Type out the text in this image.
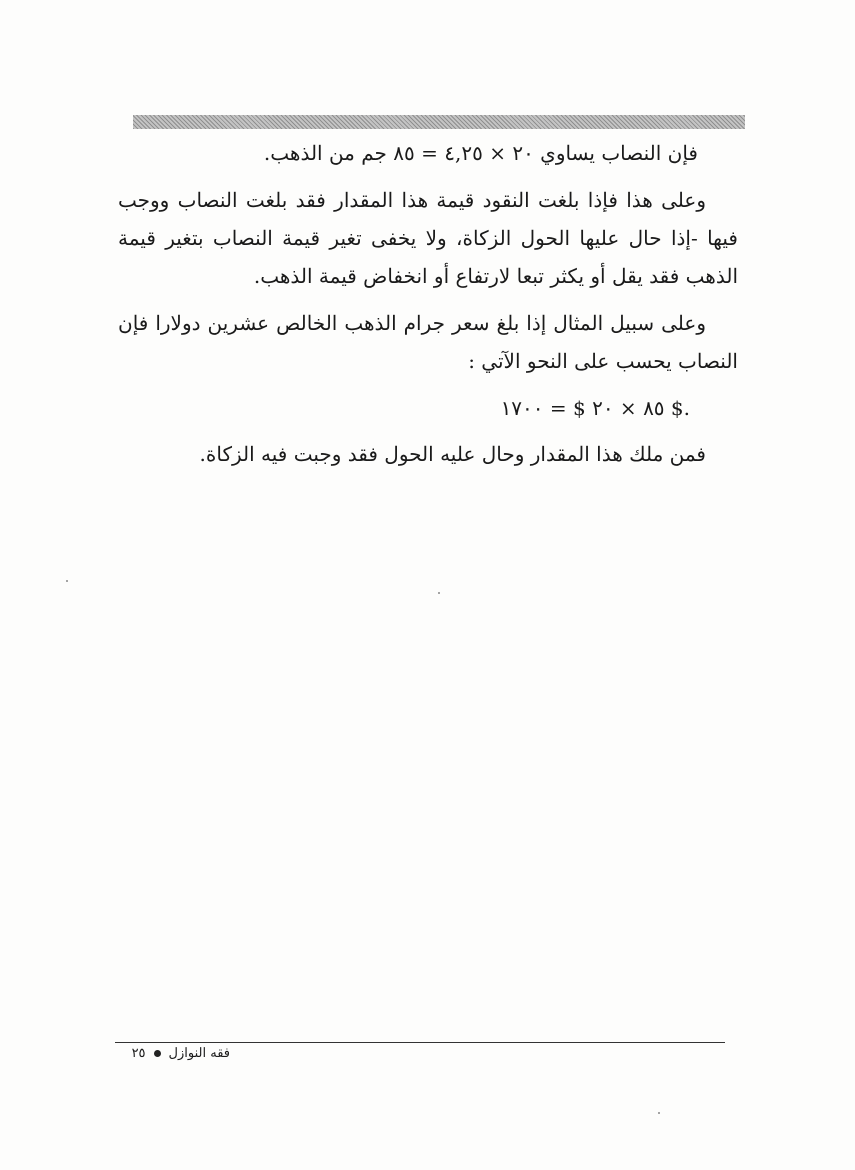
فإن النصاب يساوي ٢٠ × ٤,٢٥ = ٨٥ جم من الذهب.

وعلى هذا فإذا بلغت النقود قيمة هذا المقدار فقد بلغت النصاب ووجب فيها -إذا حال عليها الحول الزكاة، ولا يخفى تغير قيمة النصاب بتغير قيمة الذهب فقد يقل أو يكثر تبعا لارتفاع أو انخفاض قيمة الذهب.

وعلى سبيل المثال إذا بلغ سعر جرام الذهب الخالص عشرين دولارا فإن النصاب يحسب على النحو الآتي :

٨٥ × ٢٠ $ = ١٧٠٠ $.

فمن ملك هذا المقدار وحال عليه الحول فقد وجبت فيه الزكاة.

فقه النوازل
٢٥
